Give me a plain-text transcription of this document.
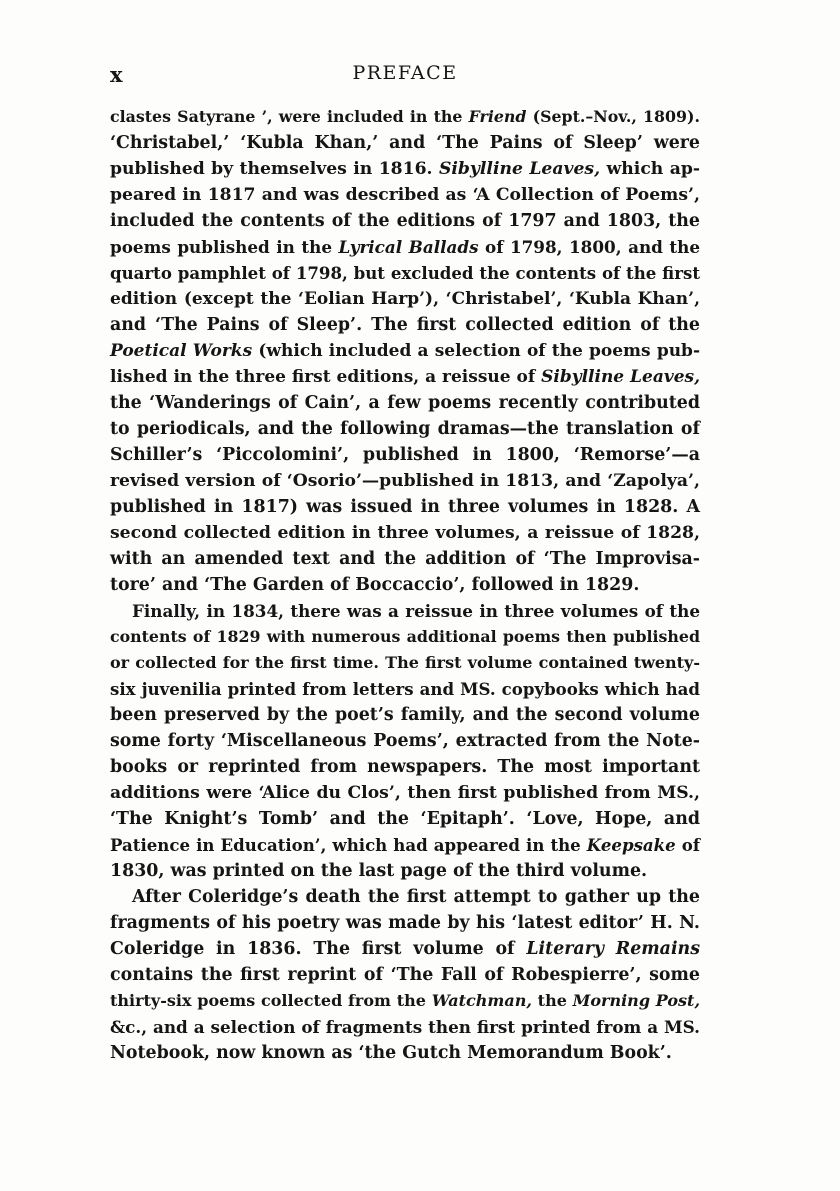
x	PREFACE
clastes Satyrane ’, were included in the Friend (Sept.–Nov., 1809).
‘Christabel,’ ‘Kubla Khan,’ and ‘The Pains of Sleep’ were
published by themselves in 1816. Sibylline Leaves, which ap-
peared in 1817 and was described as ‘A Collection of Poems’,
included the contents of the editions of 1797 and 1803, the
poems published in the Lyrical Ballads of 1798, 1800, and the
quarto pamphlet of 1798, but excluded the contents of the first
edition (except the ‘Eolian Harp’), ‘Christabel’, ‘Kubla Khan’,
and ‘The Pains of Sleep’. The first collected edition of the
Poetical Works (which included a selection of the poems pub-
lished in the three first editions, a reissue of Sibylline Leaves,
the ‘Wanderings of Cain’, a few poems recently contributed
to periodicals, and the following dramas—the translation of
Schiller’s ‘Piccolomini’, published in 1800, ‘Remorse’—a
revised version of ‘Osorio’—published in 1813, and ‘Zapolya’,
published in 1817) was issued in three volumes in 1828. A
second collected edition in three volumes, a reissue of 1828,
with an amended text and the addition of ‘The Improvisa-
tore’ and ‘The Garden of Boccaccio’, followed in 1829.
Finally, in 1834, there was a reissue in three volumes of the
contents of 1829 with numerous additional poems then published
or collected for the first time. The first volume contained twenty-
six juvenilia printed from letters and MS. copybooks which had
been preserved by the poet’s family, and the second volume
some forty ‘Miscellaneous Poems’, extracted from the Note-
books or reprinted from newspapers. The most important
additions were ‘Alice du Clos’, then first published from MS.,
‘The Knight’s Tomb’ and the ‘Epitaph’. ‘Love, Hope, and
Patience in Education’, which had appeared in the Keepsake of
1830, was printed on the last page of the third volume.
After Coleridge’s death the first attempt to gather up the
fragments of his poetry was made by his ‘latest editor’ H. N.
Coleridge in 1836. The first volume of Literary Remains
contains the first reprint of ‘The Fall of Robespierre’, some
thirty-six poems collected from the Watchman, the Morning Post,
&c., and a selection of fragments then first printed from a MS.
Notebook, now known as ‘the Gutch Memorandum Book’.
